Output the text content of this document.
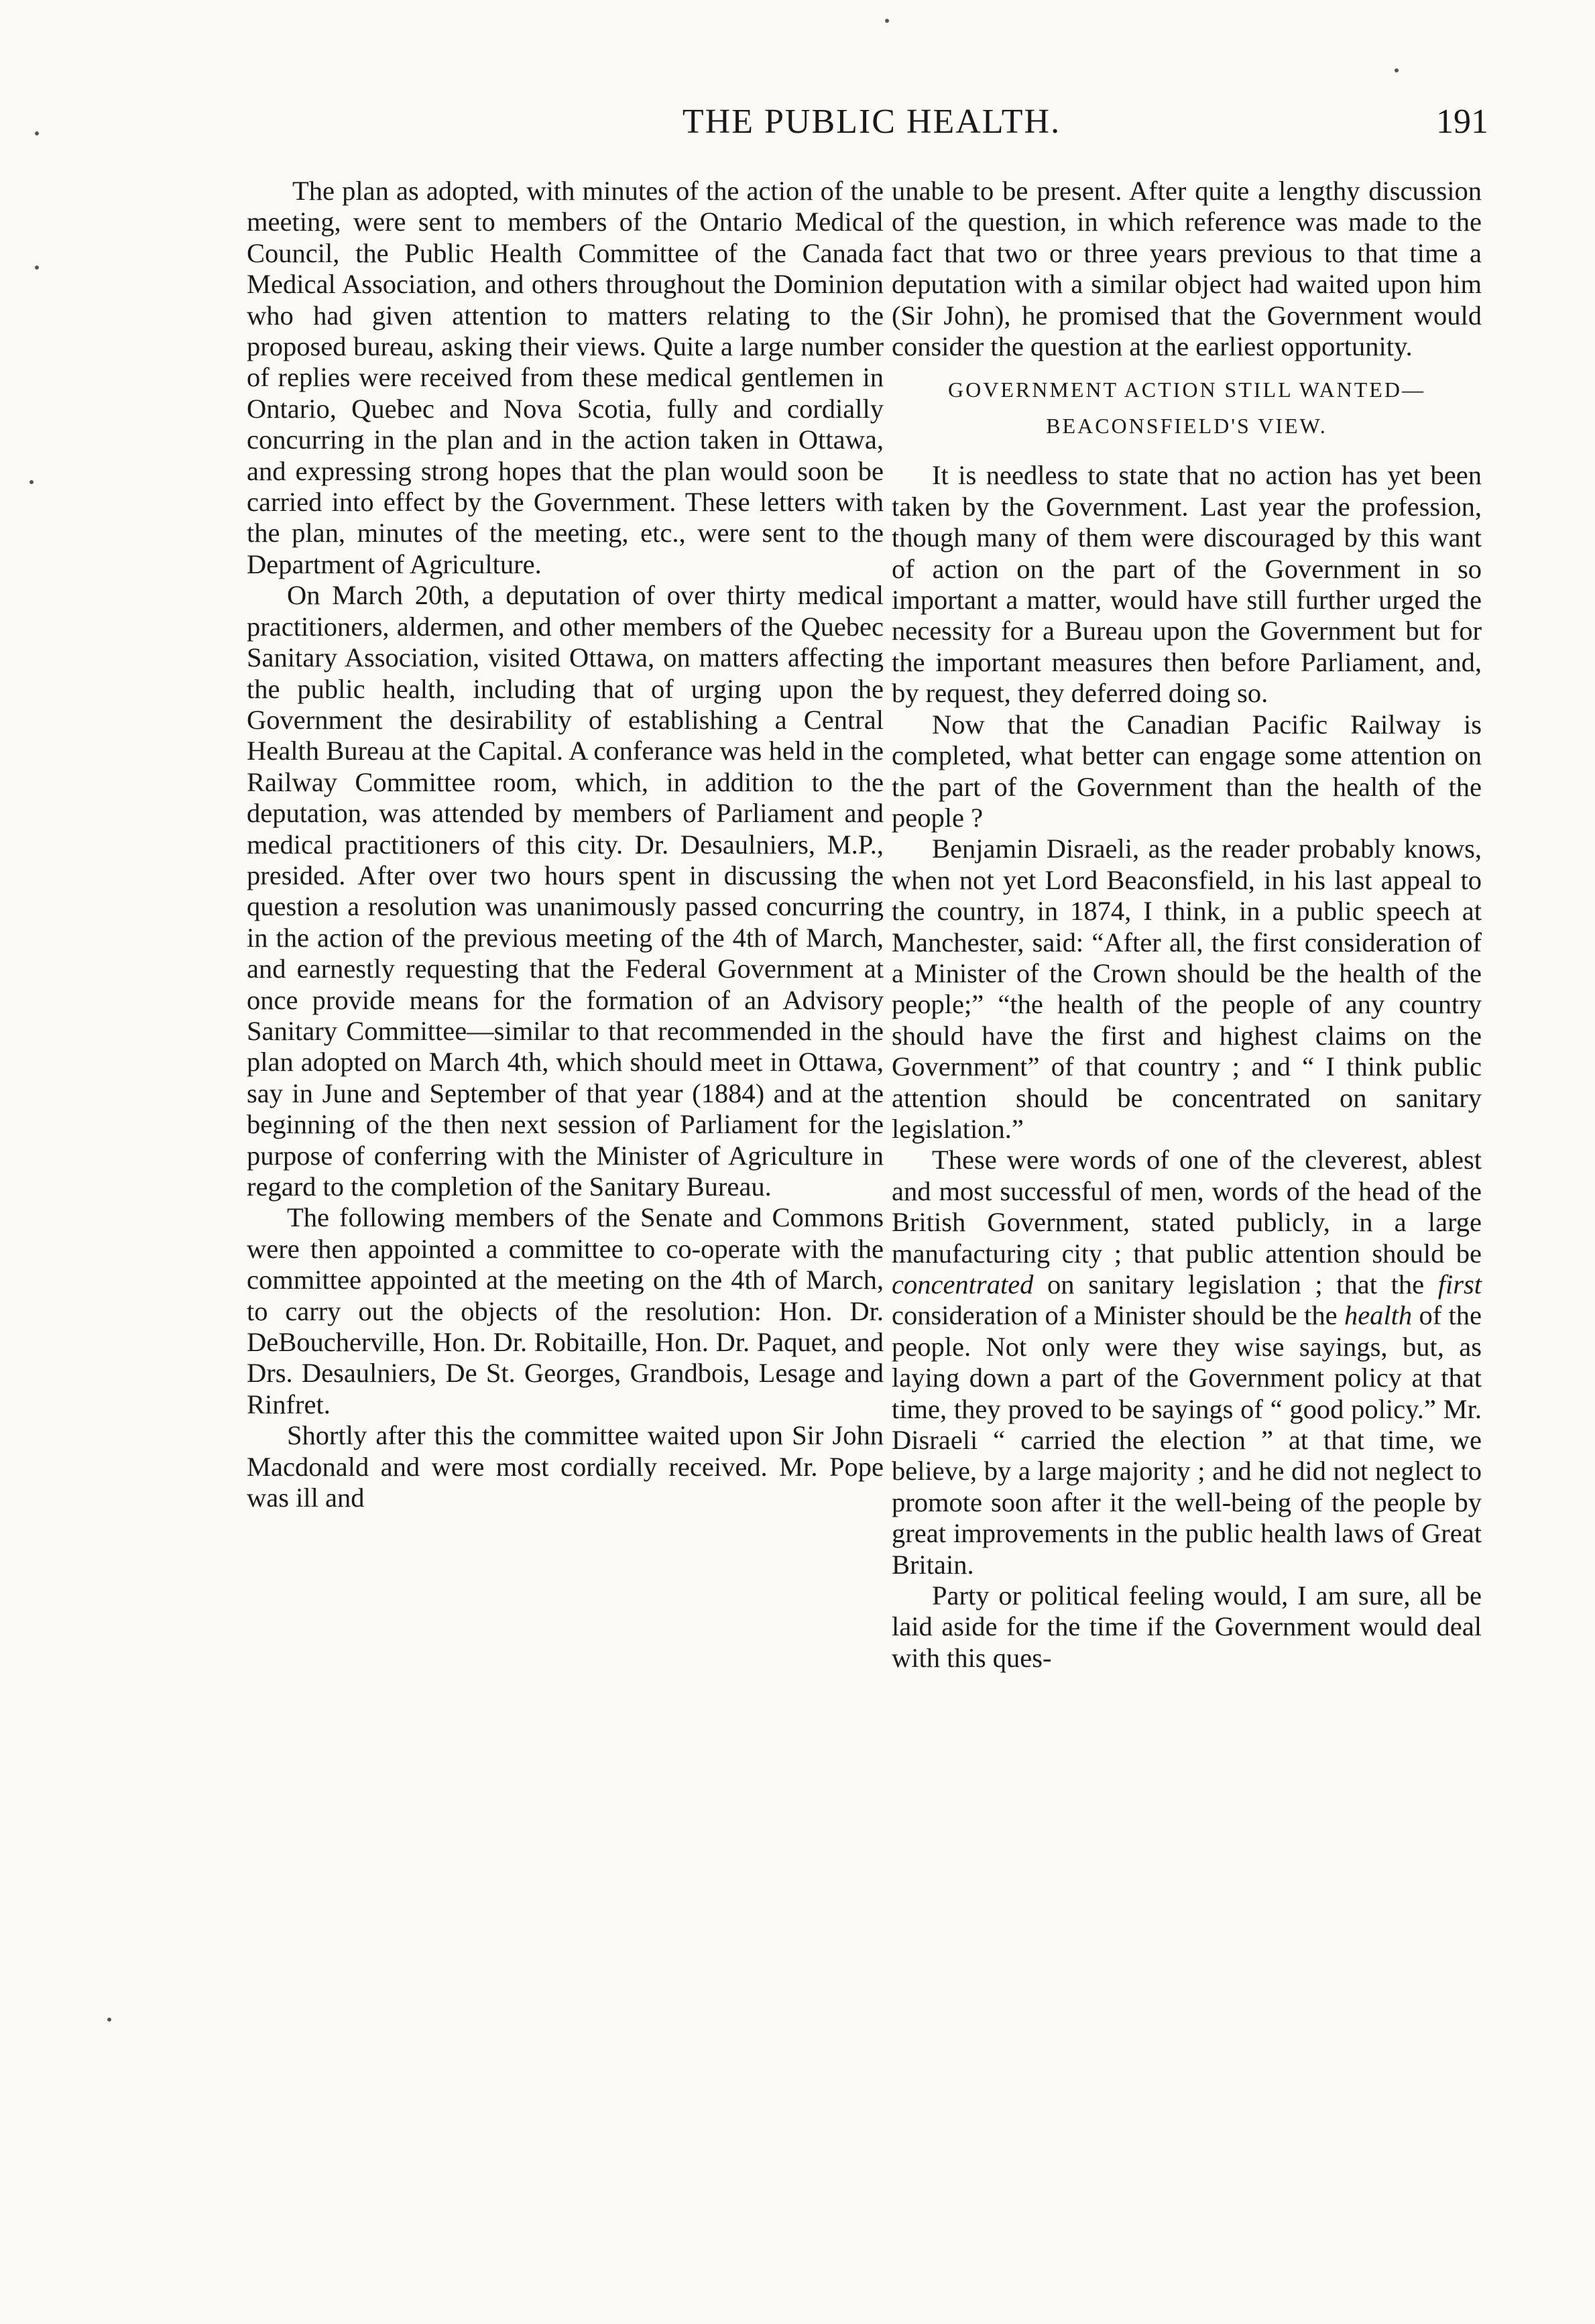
THE PUBLIC HEALTH.	191

The plan as adopted, with minutes of the action of the meeting, were sent to members of the Ontario Medical Council, the Public Health Committee of the Canada Medical Association, and others throughout the Dominion who had given attention to matters relating to the proposed bureau, asking their views. Quite a large number of replies were received from these medical gentlemen in Ontario, Quebec and Nova Scotia, fully and cordially concurring in the plan and in the action taken in Ottawa, and expressing strong hopes that the plan would soon be carried into effect by the Government. These letters with the plan, minutes of the meeting, etc., were sent to the Department of Agriculture.

On March 20th, a deputation of over thirty medical practitioners, aldermen, and other members of the Quebec Sanitary Association, visited Ottawa, on matters affecting the public health, including that of urging upon the Government the desirability of establishing a Central Health Bureau at the Capital. A conferance was held in the Railway Committee room, which, in addition to the deputation, was attended by members of Parliament and medical practitioners of this city. Dr. Desaulniers, M.P., presided. After over two hours spent in discussing the question a resolution was unanimously passed concurring in the action of the previous meeting of the 4th of March, and earnestly requesting that the Federal Government at once provide means for the formation of an Advisory Sanitary Committee—similar to that recommended in the plan adopted on March 4th, which should meet in Ottawa, say in June and September of that year (1884) and at the beginning of the then next session of Parliament for the purpose of conferring with the Minister of Agriculture in regard to the completion of the Sanitary Bureau.

The following members of the Senate and Commons were then appointed a committee to co-operate with the committee appointed at the meeting on the 4th of March, to carry out the objects of the resolution: Hon. Dr. DeBoucherville, Hon. Dr. Robitaille, Hon. Dr. Paquet, and Drs. Desaulniers, De St. Georges, Grandbois, Lesage and Rinfret.

Shortly after this the committee waited upon Sir John Macdonald and were most cordially received. Mr. Pope was ill and

unable to be present. After quite a lengthy discussion of the question, in which reference was made to the fact that two or three years previous to that time a deputation with a similar object had waited upon him (Sir John), he promised that the Government would consider the question at the earliest opportunity.

GOVERNMENT ACTION STILL WANTED—
BEACONSFIELD'S VIEW.

It is needless to state that no action has yet been taken by the Government. Last year the profession, though many of them were discouraged by this want of action on the part of the Government in so important a matter, would have still further urged the necessity for a Bureau upon the Government but for the important measures then before Parliament, and, by request, they deferred doing so.

Now that the Canadian Pacific Railway is completed, what better can engage some attention on the part of the Government than the health of the people ?

Benjamin Disraeli, as the reader probably knows, when not yet Lord Beaconsfield, in his last appeal to the country, in 1874, I think, in a public speech at Manchester, said: “After all, the first consideration of a Minister of the Crown should be the health of the people;” “the health of the people of any country should have the first and highest claims on the Government” of that country ; and “ I think public attention should be concentrated on sanitary legislation.”

These were words of one of the cleverest, ablest and most successful of men, words of the head of the British Government, stated publicly, in a large manufacturing city ; that public attention should be concentrated on sanitary legislation ; that the first consideration of a Minister should be the health of the people. Not only were they wise sayings, but, as laying down a part of the Government policy at that time, they proved to be sayings of “ good policy.” Mr. Disraeli “ carried the election ” at that time, we believe, by a large majority ; and he did not neglect to promote soon after it the well-being of the people by great improvements in the public health laws of Great Britain.

Party or political feeling would, I am sure, all be laid aside for the time if the Government would deal with this ques-
